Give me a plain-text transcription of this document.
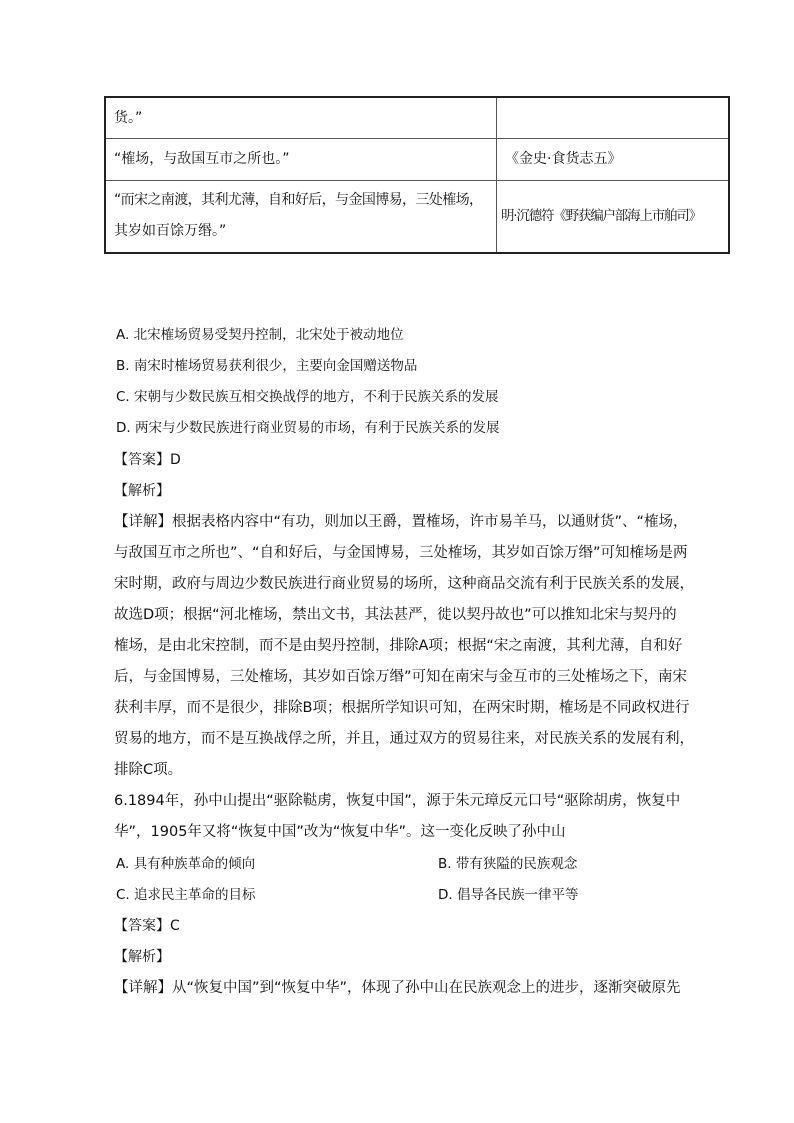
货。”	
“榷场，与敌国互市之所也。”	《金史·食货志五》
“而宋之南渡，其利尤薄，自和好后，与金国博易，三处榷场，
其岁如百馀万缗。”	明·沉德符《野获编户部海上市舶司》
A. 北宋榷场贸易受契丹控制，北宋处于被动地位
B. 南宋时榷场贸易获利很少，主要向金国赠送物品
C. 宋朝与少数民族互相交换战俘的地方，不利于民族关系的发展
D. 两宋与少数民族进行商业贸易的市场，有利于民族关系的发展
【答案】D
【解析】
【详解】根据表格内容中“有功，则加以王爵，置榷场，许市易羊马，以通财货”、“榷场，
与敌国互市之所也”、“自和好后，与金国博易，三处榷场，其岁如百馀万缗”可知榷场是两
宋时期，政府与周边少数民族进行商业贸易的场所，这种商品交流有利于民族关系的发展，
故选D项；根据“河北榷场，禁出文书，其法甚严，徙以契丹故也”可以推知北宋与契丹的
榷场，是由北宋控制，而不是由契丹控制，排除A项；根据“宋之南渡，其利尤薄，自和好
后，与金国博易，三处榷场，其岁如百馀万缗”可知在南宋与金互市的三处榷场之下，南宋
获利丰厚，而不是很少，排除B项；根据所学知识可知，在两宋时期，榷场是不同政权进行
贸易的地方，而不是互换战俘之所，并且，通过双方的贸易往来，对民族关系的发展有利，
排除C项。
6.1894年，孙中山提出“驱除鞑虏，恢复中国”，源于朱元璋反元口号“驱除胡虏，恢复中
华”，1905年又将“恢复中国”改为“恢复中华”。这一变化反映了孙中山
A. 具有种族革命的倾向	B. 带有狭隘的民族观念
C. 追求民主革命的目标	D. 倡导各民族一律平等
【答案】C
【解析】
【详解】从“恢复中国”到“恢复中华”，体现了孙中山在民族观念上的进步，逐渐突破原先
